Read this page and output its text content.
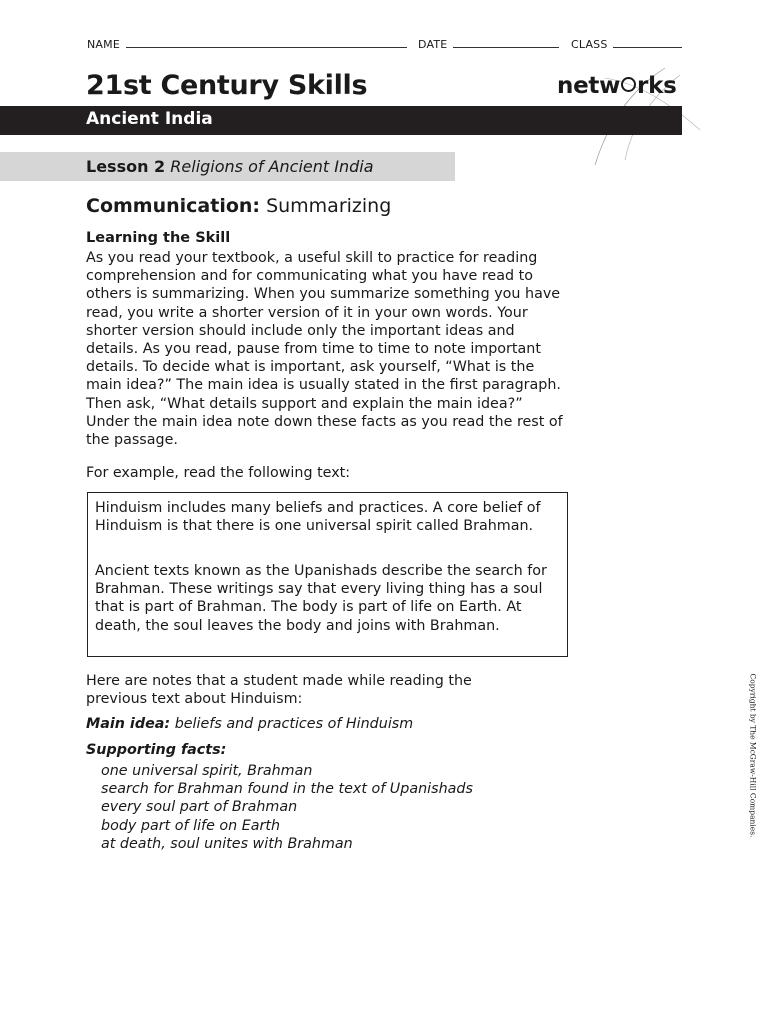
NAME	DATE	CLASS
21st Century Skills	netw rks
Ancient India
Lesson 2 Religions of Ancient India
Communication: Summarizing
Learning the Skill
As you read your textbook, a useful skill to practice for reading comprehension and for communicating what you have read to others is summarizing. When you summarize something you have read, you write a shorter version of it in your own words. Your shorter version should include only the important ideas and details. As you read, pause from time to time to note important details. To decide what is important, ask yourself, “What is the main idea?” The main idea is usually stated in the first paragraph. Then ask, “What details support and explain the main idea?” Under the main idea note down these facts as you read the rest of the passage.
For example, read the following text:
Hinduism includes many beliefs and practices. A core belief of Hinduism is that there is one universal spirit called Brahman.
Ancient texts known as the Upanishads describe the search for Brahman. These writings say that every living thing has a soul that is part of Brahman. The body is part of life on Earth. At death, the soul leaves the body and joins with Brahman.
Here are notes that a student made while reading the previous text about Hinduism:
Main idea: beliefs and practices of Hinduism
Supporting facts:
one universal spirit, Brahman
search for Brahman found in the text of Upanishads
every soul part of Brahman
body part of life on Earth
at death, soul unites with Brahman
Copyright by The McGraw-Hill Companies.
